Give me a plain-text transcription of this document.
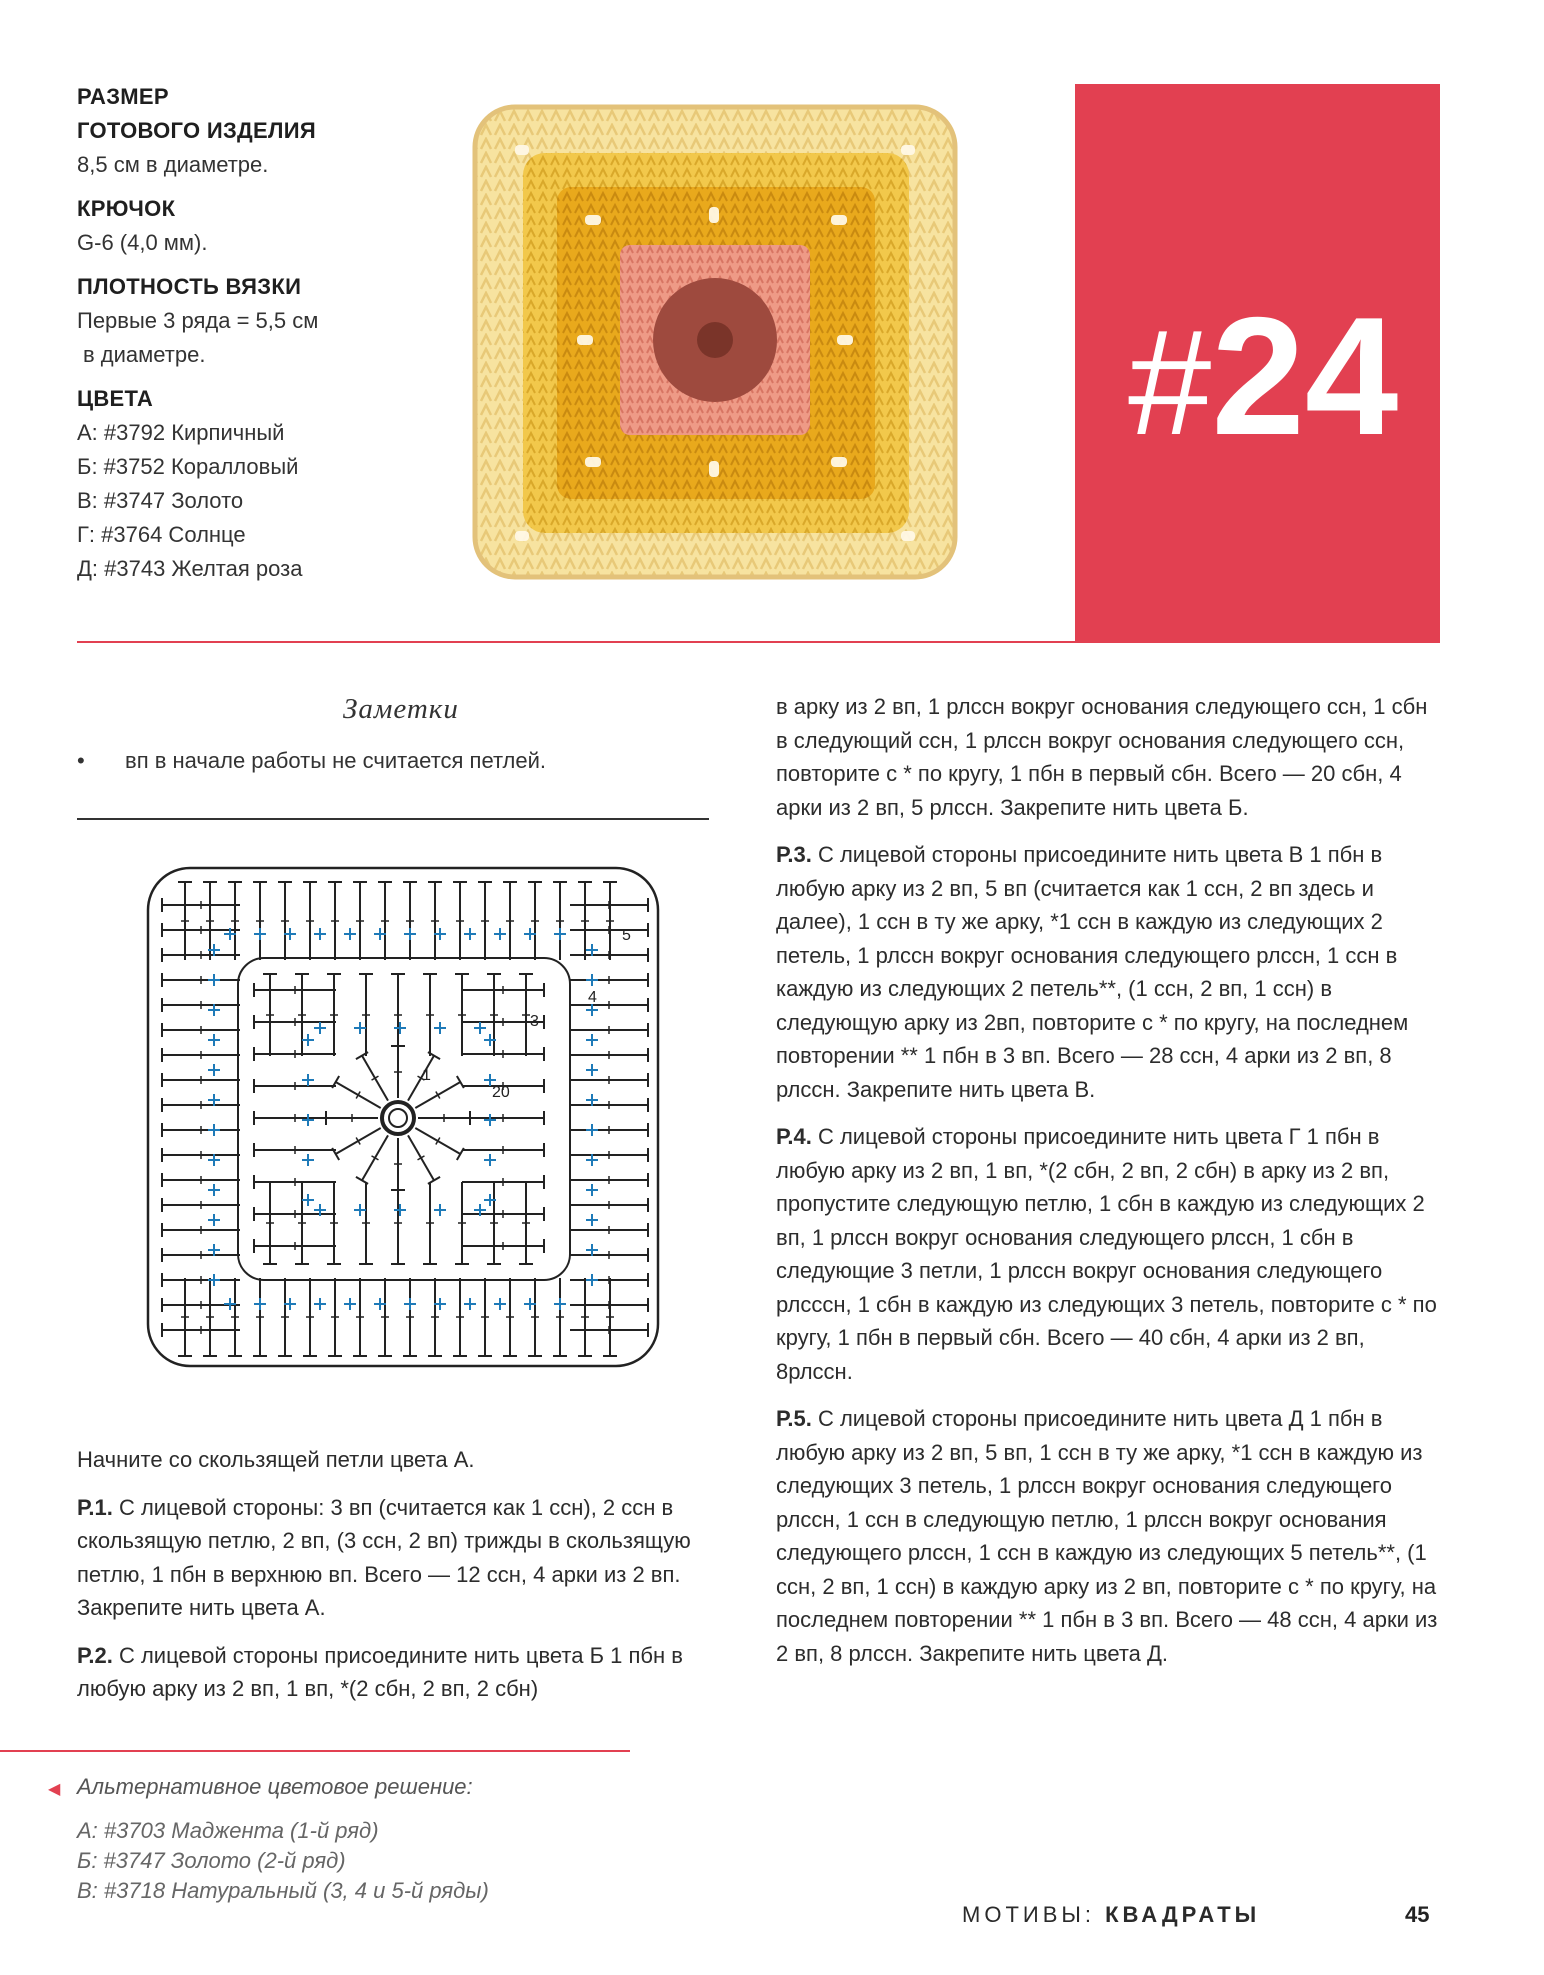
РАЗМЕР
ГОТОВОГО ИЗДЕЛИЯ
8,5 см в диаметре.
КРЮЧОК
G-6 (4,0 мм).
ПЛОТНОСТЬ ВЯЗКИ
Первые 3 ряда = 5,5 см
в диаметре.
ЦВЕТА
А: #3792 Кирпичный
Б: #3752 Коралловый
В: #3747 Золото
Г: #3764 Солнце
Д: #3743 Желтая роза
#24
Заметки
• вп в начале работы не считается петлей.
1
20
3
4
5

Начните со скользящей петли цвета А.

Р.1. С лицевой стороны: 3 вп (считается как 1 ссн), 2 ссн в скользящую петлю, 2 вп, (3 ссн, 2 вп) трижды в скользящую петлю, 1 пбн в верхнюю вп. Всего — 12 ссн, 4 арки из 2 вп. Закрепите нить цвета А.

Р.2. С лицевой стороны присоедините нить цвета Б 1 пбн в любую арку из 2 вп, 1 вп, *(2 сбн, 2 вп, 2 сбн)

◀ Альтернативное цветовое решение:
А: #3703 Маджента (1-й ряд)
Б: #3747 Золото (2-й ряд)
В: #3718 Натуральный (3, 4 и 5-й ряды)

в арку из 2 вп, 1 рлссн вокруг основания следующего ссн, 1 сбн в следующий ссн, 1 рлссн вокруг основания следующего ссн, повторите с * по кругу, 1 пбн в первый сбн. Всего — 20 сбн, 4 арки из 2 вп, 5 рлссн. Закрепите нить цвета Б.

Р.3. С лицевой стороны присоедините нить цвета В 1 пбн в любую арку из 2 вп, 5 вп (считается как 1 ссн, 2 вп здесь и далее), 1 ссн в ту же арку, *1 ссн в каждую из следующих 2 петель, 1 рлссн вокруг основания следующего рлссн, 1 ссн в каждую из следующих 2 петель**, (1 ссн, 2 вп, 1 ссн) в следующую арку из 2вп, повторите с * по кругу, на последнем повторении ** 1 пбн в 3 вп. Всего — 28 ссн, 4 арки из 2 вп, 8 рлссн. Закрепите нить цвета В.

Р.4. С лицевой стороны присоедините нить цвета Г 1 пбн в любую арку из 2 вп, 1 вп, *(2 сбн, 2 вп, 2 сбн) в арку из 2 вп, пропустите следующую петлю, 1 сбн в каждую из следующих 2 вп, 1 рлссн вокруг основания следующего рлссн, 1 сбн в следующие 3 петли, 1 рлссн вокруг основания следующего рлсссн, 1 сбн в каждую из следующих 3 петель, повторите с * по кругу, 1 пбн в первый сбн. Всего — 40 сбн, 4 арки из 2 вп, 8рлссн.

Р.5. С лицевой стороны присоедините нить цвета Д 1 пбн в любую арку из 2 вп, 5 вп, 1 ссн в ту же арку, *1 ссн в каждую из следующих 3 петель, 1 рлссн вокруг основания следующего рлссн, 1 ссн в следующую петлю, 1 рлссн вокруг основания следующего рлссн, 1 ссн в каждую из следующих 5 петель**, (1 ссн, 2 вп, 1 ссн) в каждую арку из 2 вп, повторите с * по кругу, на последнем повторении ** 1 пбн в 3 вп. Всего — 48 ссн, 4 арки из 2 вп, 8 рлссн. Закрепите нить цвета Д.

МОТИВЫ: КВАДРАТЫ	45
